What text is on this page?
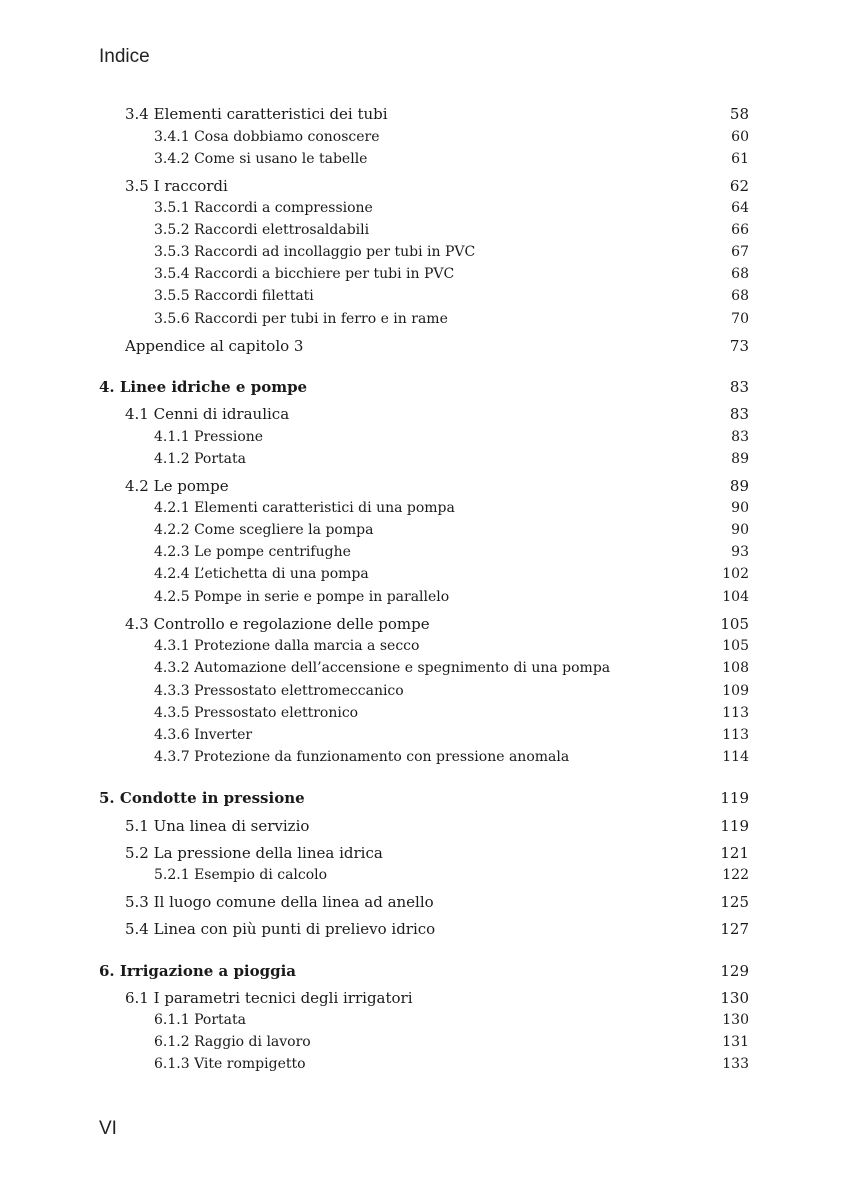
Indice
3.4 Elementi caratteristici dei tubi	58
3.4.1 Cosa dobbiamo conoscere	60
3.4.2 Come si usano le tabelle	61
3.5 I raccordi	62
3.5.1 Raccordi a compressione	64
3.5.2 Raccordi elettrosaldabili	66
3.5.3 Raccordi ad incollaggio per tubi in PVC	67
3.5.4 Raccordi a bicchiere per tubi in PVC	68
3.5.5 Raccordi filettati	68
3.5.6 Raccordi per tubi in ferro e in rame	70
Appendice al capitolo 3	73
4. Linee idriche e pompe	83
4.1 Cenni di idraulica	83
4.1.1 Pressione	83
4.1.2 Portata	89
4.2 Le pompe	89
4.2.1 Elementi caratteristici di una pompa	90
4.2.2 Come scegliere la pompa	90
4.2.3 Le pompe centrifughe	93
4.2.4 L’etichetta di una pompa	102
4.2.5 Pompe in serie e pompe in parallelo	104
4.3 Controllo e regolazione delle pompe	105
4.3.1 Protezione dalla marcia a secco	105
4.3.2 Automazione dell’accensione e spegnimento di una pompa	108
4.3.3 Pressostato elettromeccanico	109
4.3.5 Pressostato elettronico	113
4.3.6 Inverter	113
4.3.7 Protezione da funzionamento con pressione anomala	114
5. Condotte in pressione	119
5.1 Una linea di servizio	119
5.2 La pressione della linea idrica	121
5.2.1 Esempio di calcolo	122
5.3 Il luogo comune della linea ad anello	125
5.4 Linea con più punti di prelievo idrico	127
6. Irrigazione a pioggia	129
6.1 I parametri tecnici degli irrigatori	130
6.1.1 Portata	130
6.1.2 Raggio di lavoro	131
6.1.3 Vite rompigetto	133
VI
